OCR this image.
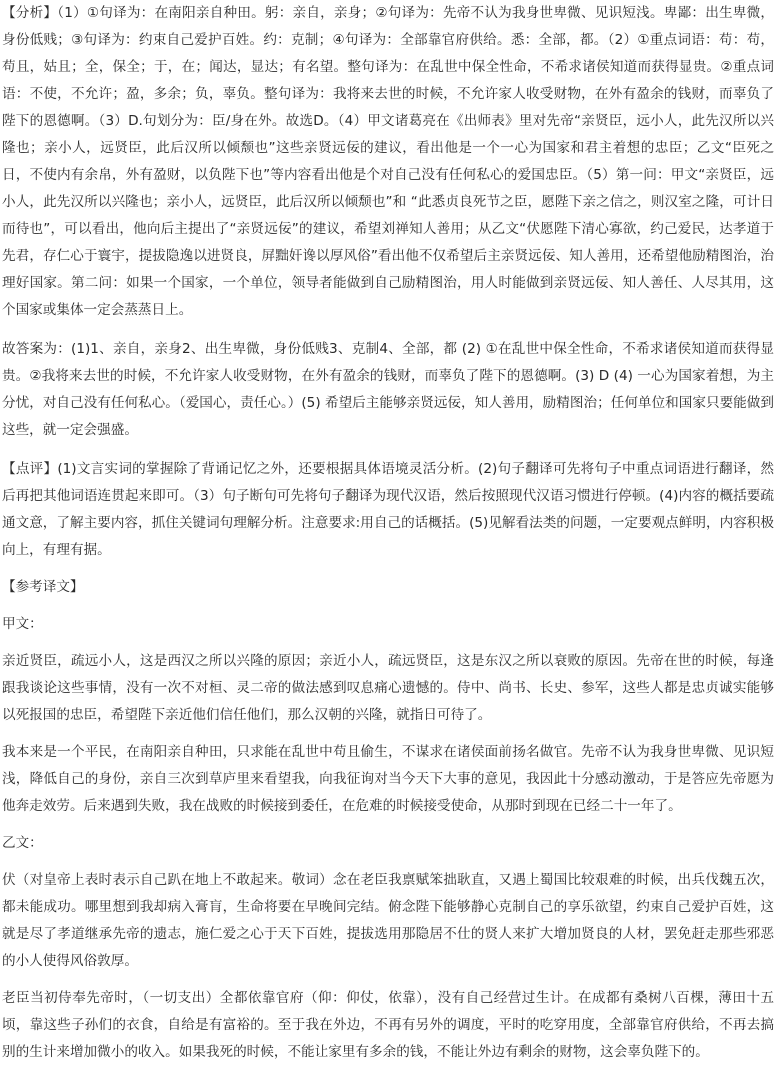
【分析】（1）①句译为：在南阳亲自种田。躬：亲自，亲身；②句译为：先帝不认为我身世卑微、见识短浅。卑鄙：出生卑微，身份低贱；③句译为：约束自己爱护百姓。约：克制；④句译为：全部靠官府供给。悉：全部，都。（2）①重点词语：苟：苟，苟且，姑且；全，保全；于，在；闻达，显达；有名望。整句译为：在乱世中保全性命，不希求诸侯知道而获得显贵。②重点词语：不使，不允许；盈，多余；负，辜负。整句译为：我将来去世的时候，不允许家人收受财物，在外有盈余的钱财，而辜负了陛下的恩德啊。（3）D.句划分为：臣/身在外。故选D。（4）甲文诸葛亮在《出师表》里对先帝“亲贤臣，远小人，此先汉所以兴隆也；亲小人，远贤臣，此后汉所以倾颓也”这些亲贤远佞的建议，看出他是一个一心为国家和君主着想的忠臣；乙文“臣死之日，不使内有余帛，外有盈财，以负陛下也”等内容看出他是个对自己没有任何私心的爱国忠臣。（5）第一问：甲文“亲贤臣，远小人，此先汉所以兴隆也；亲小人，远贤臣，此后汉所以倾颓也”和 “此悉贞良死节之臣，愿陛下亲之信之，则汉室之隆，可计日而待也”，可以看出，他向后主提出了“亲贤远佞”的建议，希望刘禅知人善用；从乙文“伏愿陛下清心寡欲，约己爱民，达孝道于先君，存仁心于寰宇，提拔隐逸以进贤良，屏黜奸谗以厚风俗”看出他不仅希望后主亲贤远佞、知人善用，还希望他励精图治，治理好国家。第二问：如果一个国家，一个单位，领导者能做到自己励精图治，用人时能做到亲贤远佞、知人善任、人尽其用，这个国家或集体一定会蒸蒸日上。

故答案为：(1)1、亲自，亲身2、出生卑微，身份低贱3、克制4、全部，都 (2) ①在乱世中保全性命，不希求诸侯知道而获得显贵。②我将来去世的时候，不允许家人收受财物，在外有盈余的钱财，而辜负了陛下的恩德啊。(3) D (4) 一心为国家着想，为主分忧，对自己没有任何私心。（爱国心，责任心。）(5) 希望后主能够亲贤远佞，知人善用，励精图治；任何单位和国家只要能做到这些，就一定会强盛。

【点评】(1)文言实词的掌握除了背诵记忆之外，还要根据具体语境灵活分析。(2)句子翻译可先将句子中重点词语进行翻译，然后再把其他词语连贯起来即可。（3）句子断句可先将句子翻译为现代汉语，然后按照现代汉语习惯进行停顿。(4)内容的概括要疏通文意，了解主要内容，抓住关键词句理解分析。注意要求:用自己的话概括。(5)见解看法类的问题，一定要观点鲜明，内容积极向上，有理有据。

【参考译文】

甲文：

亲近贤臣，疏远小人，这是西汉之所以兴隆的原因；亲近小人，疏远贤臣，这是东汉之所以衰败的原因。先帝在世的时候，每逢跟我谈论这些事情，没有一次不对桓、灵二帝的做法感到叹息痛心遗憾的。侍中、尚书、长史、参军，这些人都是忠贞诚实能够以死报国的忠臣，希望陛下亲近他们信任他们，那么汉朝的兴隆，就指日可待了。

我本来是一个平民，在南阳亲自种田，只求能在乱世中苟且偷生，不谋求在诸侯面前扬名做官。先帝不认为我身世卑微、见识短浅，降低自己的身份，亲自三次到草庐里来看望我，向我征询对当今天下大事的意见，我因此十分感动激动，于是答应先帝愿为他奔走效劳。后来遇到失败，我在战败的时候接到委任，在危难的时候接受使命，从那时到现在已经二十一年了。

乙文：

伏（对皇帝上表时表示自己趴在地上不敢起来。敬词）念在老臣我禀赋笨拙耿直，又遇上蜀国比较艰难的时候，出兵伐魏五次，都未能成功。哪里想到我却病入膏肓，生命将要在早晚间完结。俯念陛下能够静心克制自己的享乐欲望，约束自己爱护百姓，这就是尽了孝道继承先帝的遗志，施仁爱之心于天下百姓，提拔选用那隐居不仕的贤人来扩大增加贤良的人材，罢免赶走那些邪恶的小人使得风俗敦厚。

老臣当初侍奉先帝时，（一切支出）全都依靠官府（仰：仰仗，依靠），没有自己经营过生计。在成都有桑树八百棵，薄田十五顷，靠这些子孙们的衣食，自给是有富裕的。至于我在外边，不再有另外的调度，平时的吃穿用度，全部靠官府供给，不再去搞别的生计来增加微小的收入。如果我死的时候，不能让家里有多余的钱，不能让外边有剩余的财物，这会辜负陛下的。
